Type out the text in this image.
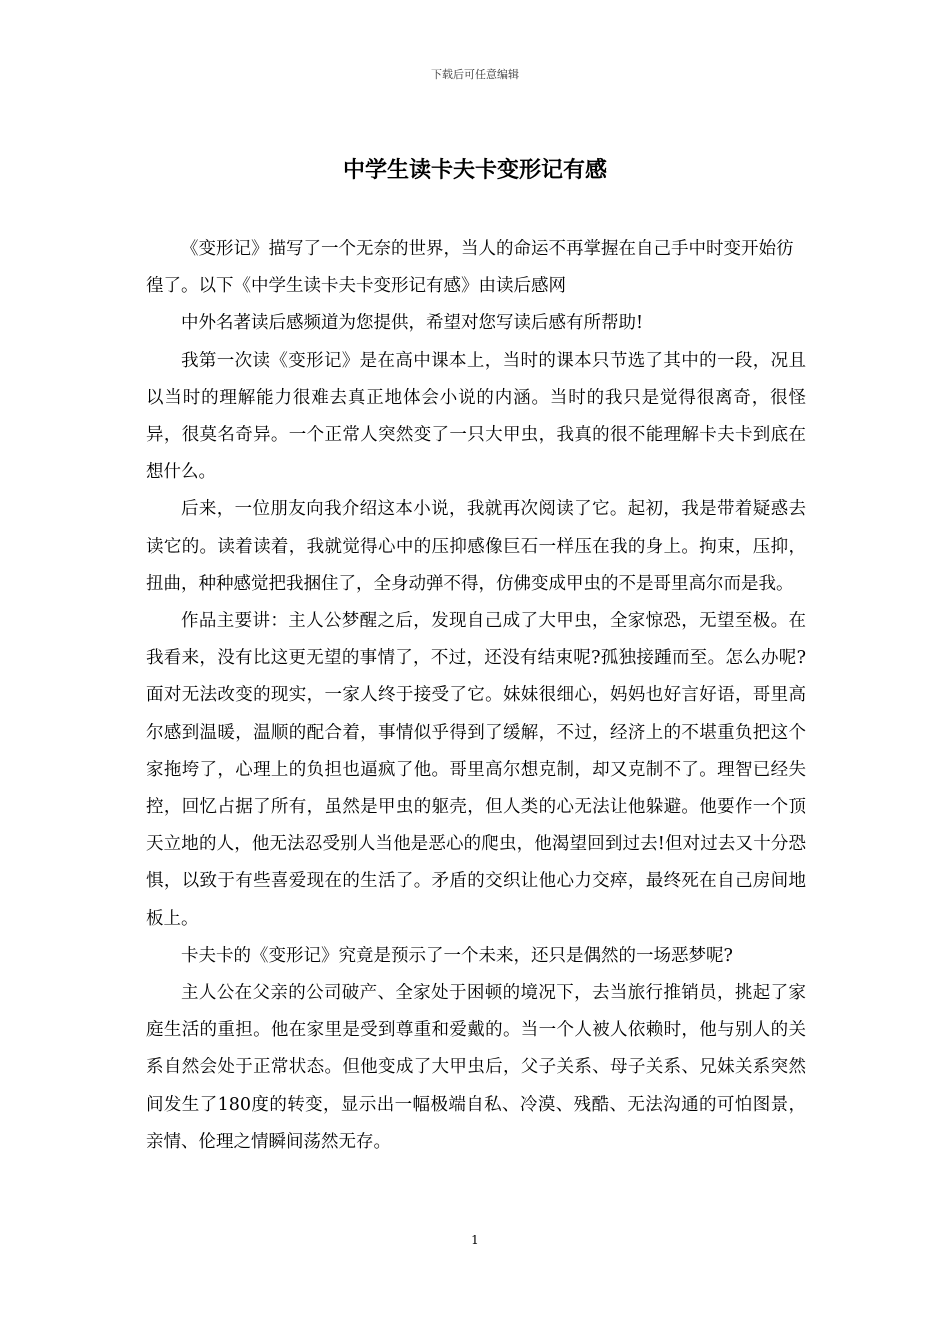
下载后可任意编辑
中学生读卡夫卡变形记有感

《变形记》描写了一个无奈的世界，当人的命运不再掌握在自己手中时变开始彷徨了。以下《中学生读卡夫卡变形记有感》由读后感网

中外名著读后感频道为您提供，希望对您写读后感有所帮助!

我第一次读《变形记》是在高中课本上，当时的课本只节选了其中的一段，况且以当时的理解能力很难去真正地体会小说的内涵。当时的我只是觉得很离奇，很怪异，很莫名奇异。一个正常人突然变了一只大甲虫，我真的很不能理解卡夫卡到底在想什么。

后来，一位朋友向我介绍这本小说，我就再次阅读了它。起初，我是带着疑惑去读它的。读着读着，我就觉得心中的压抑感像巨石一样压在我的身上。拘束，压抑，扭曲，种种感觉把我捆住了，全身动弹不得，仿佛变成甲虫的不是哥里高尔而是我。

作品主要讲：主人公梦醒之后，发现自己成了大甲虫，全家惊恐，无望至极。在我看来，没有比这更无望的事情了，不过，还没有结束呢?孤独接踵而至。怎么办呢?面对无法改变的现实，一家人终于接受了它。妹妹很细心，妈妈也好言好语，哥里高尔感到温暖，温顺的配合着，事情似乎得到了缓解，不过，经济上的不堪重负把这个家拖垮了，心理上的负担也逼疯了他。哥里高尔想克制，却又克制不了。理智已经失控，回忆占据了所有，虽然是甲虫的躯壳，但人类的心无法让他躲避。他要作一个顶天立地的人，他无法忍受别人当他是恶心的爬虫，他渴望回到过去!但对过去又十分恐惧，以致于有些喜爱现在的生活了。矛盾的交织让他心力交瘁，最终死在自己房间地板上。

卡夫卡的《变形记》究竟是预示了一个未来，还只是偶然的一场恶梦呢?

主人公在父亲的公司破产、全家处于困顿的境况下，去当旅行推销员，挑起了家庭生活的重担。他在家里是受到尊重和爱戴的。当一个人被人依赖时，他与别人的关系自然会处于正常状态。但他变成了大甲虫后，父子关系、母子关系、兄妹关系突然间发生了180度的转变，显示出一幅极端自私、冷漠、残酷、无法沟通的可怕图景，亲情、伦理之情瞬间荡然无存。

1
